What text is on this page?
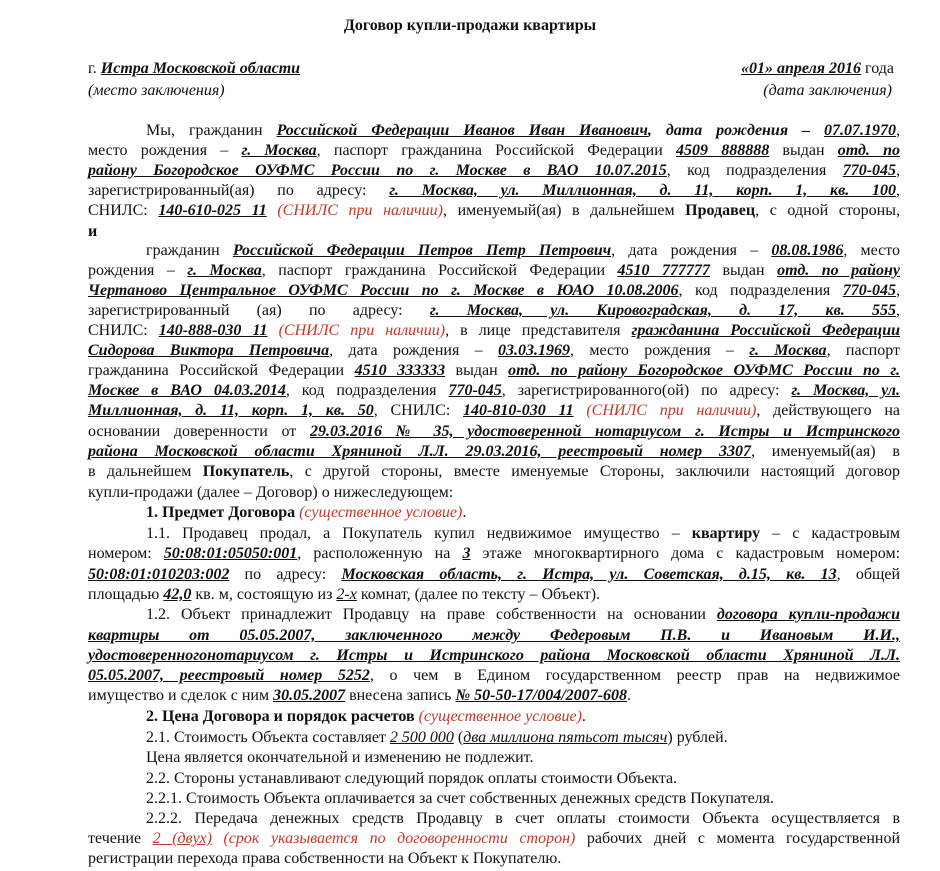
Договор купли-продажи квартиры
г. Истра Московской области
(место заключения)
«01» апреля 2016 года
(дата заключения)
Мы, гражданин Российской Федерации Иванов Иван Иванович, дата рождения – 07.07.1970,
место рождения – г. Москва, паспорт гражданина Российской Федерации 4509 888888 выдан отд. по
району Богородское ОУФМС России по г. Москве в ВАО 10.07.2015, код подразделения 770-045,
зарегистрированный(ая) по адресу: г. Москва, ул. Миллионная, д. 11, корп. 1, кв. 100,
СНИЛС: 140-610-025 11 (СНИЛС при наличии), именуемый(ая) в дальнейшем Продавец, с одной стороны,
и
гражданин Российской Федерации Петров Петр Петрович, дата рождения – 08.08.1986, место
рождения – г. Москва, паспорт гражданина Российской Федерации 4510 777777 выдан отд. по району
Чертаново Центральное ОУФМС России по г. Москве в ЮАО 10.08.2006, код подразделения 770-045,
зарегистрированный (ая) по адресу: г. Москва, ул. Кировоградская, д. 17, кв. 555,
СНИЛС: 140-888-030 11 (СНИЛС при наличии), в лице представителя гражданина Российской Федерации
Сидорова Виктора Петровича, дата рождения – 03.03.1969, место рождения – г. Москва, паспорт
гражданина Российской Федерации 4510 333333 выдан отд. по району Богородское ОУФМС России по г.
Москве в ВАО 04.03.2014, код подразделения 770-045, зарегистрированного(ой) по адресу: г. Москва, ул.
Миллионная, д. 11, корп. 1, кв. 50, СНИЛС: 140-810-030 11 (СНИЛС при наличии), действующего на
основании доверенности от 29.03.2016 № 35, удостоверенной нотариусом г. Истры и Истринского
района Московской области Хряниной Л.Л. 29.03.2016, реестровый номер 3307, именуемый(ая) в
в дальнейшем Покупатель, с другой стороны, вместе именуемые Стороны, заключили настоящий договор
купли-продажи (далее – Договор) о нижеследующем:
1. Предмет Договора (существенное условие).
1.1. Продавец продал, а Покупатель купил недвижимое имущество – квартиру – с кадастровым
номером: 50:08:01:05050:001, расположенную на 3 этаже многоквартирного дома с кадастровым номером:
50:08:01:010203:002 по адресу: Московская область, г. Истра, ул. Советская, д.15, кв. 13, общей
площадью 42,0 кв. м, состоящую из 2-х комнат, (далее по тексту – Объект).
1.2. Объект принадлежит Продавцу на праве собственности на основании договора купли-продажи
квартиры от 05.05.2007, заключенного между Федеровым П.В. и Ивановым И.И.,
удостоверенногонотариусом г. Истры и Истринского района Московской области Хряниной Л.Л.
05.05.2007, реестровый номер 5252, о чем в Едином государственном реестр прав на недвижимое
имущество и сделок с ним 30.05.2007 внесена запись № 50-50-17/004/2007-608.
2. Цена Договора и порядок расчетов (существенное условие).
2.1. Стоимость Объекта составляет 2 500 000 (два миллиона пятьсот тысяч) рублей.
Цена является окончательной и изменению не подлежит.
2.2. Стороны устанавливают следующий порядок оплаты стоимости Объекта.
2.2.1. Стоимость Объекта оплачивается за счет собственных денежных средств Покупателя.
2.2.2. Передача денежных средств Продавцу в счет оплаты стоимости Объекта осуществляется в
течение 2 (двух) (срок указывается по договоренности сторон) рабочих дней с момента государственной
регистрации перехода права собственности на Объект к Покупателю.
